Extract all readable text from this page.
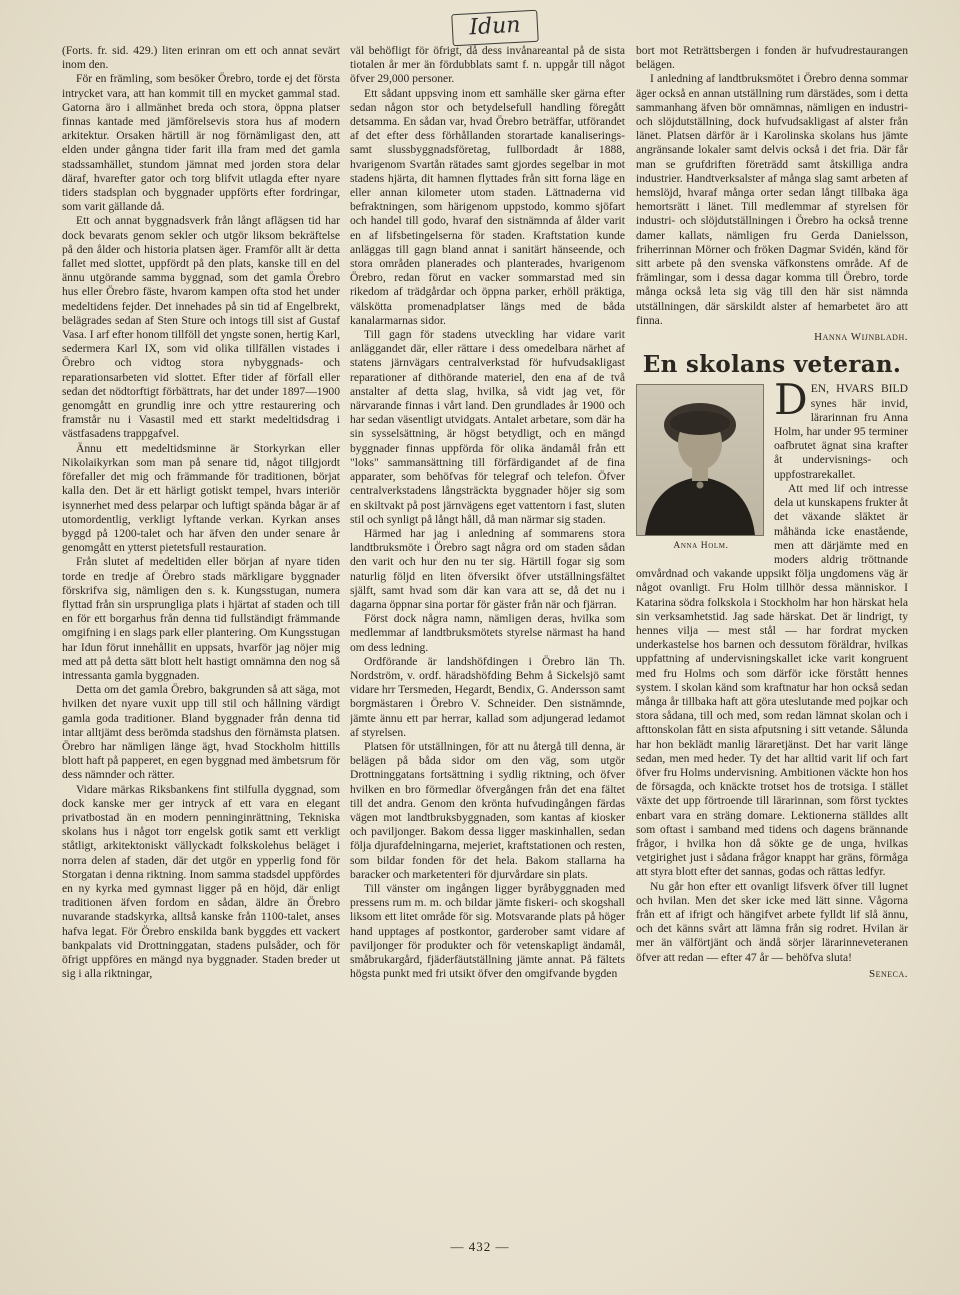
Idun

(Forts. fr. sid. 429.) liten erinran om ett och annat sevärt inom den.

För en främling, som besöker Örebro, torde ej det första intrycket vara, att han kommit till en mycket gammal stad. Gatorna äro i allmänhet breda och stora, öppna platser finnas kantade med jämförelsevis stora hus af modern arkitektur. Orsaken härtill är nog förnämligast den, att elden under gångna tider farit illa fram med det gamla stadssamhället, stundom jämnat med jorden stora delar däraf, hvarefter gator och torg blifvit utlagda efter nyare tiders stadsplan och byggnader uppförts efter fordringar, som varit gällande då.

Ett och annat byggnadsverk från långt aflägsen tid har dock bevarats genom sekler och utgör liksom bekräftelse på den ålder och historia platsen äger. Framför allt är detta fallet med slottet, uppfördt på den plats, kanske till en del ännu utgörande samma byggnad, som det gamla Örebro hus eller Örebro fäste, hvarom kampen ofta stod het under medeltidens fejder. Det innehades på sin tid af Engelbrekt, belägrades sedan af Sten Sture och intogs till sist af Gustaf Vasa. I arf efter honom tillföll det yngste sonen, hertig Karl, sedermera Karl IX, som vid olika tillfällen vistades i Örebro och vidtog stora nybyggnads- och reparationsarbeten vid slottet. Efter tider af förfall eller sedan det nödtorftigt förbättrats, har det under 1897—1900 genomgått en grundlig inre och yttre restaurering och framstår nu i Vasastil med ett starkt medeltidsdrag i västfasadens trappgafvel.

Ännu ett medeltidsminne är Storkyrkan eller Nikolaikyrkan som man på senare tid, något tillgjordt förefaller det mig och främmande för traditionen, börjat kalla den. Det är ett härligt gotiskt tempel, hvars interiör isynnerhet med dess pelarpar och luftigt spända bågar är af utomordentlig, verkligt lyftande verkan. Kyrkan anses byggd på 1200-talet och har äfven den under senare år genomgått en ytterst pietetsfull restauration.

Från slutet af medeltiden eller början af nyare tiden torde en tredje af Örebro stads märkligare byggnader förskrifva sig, nämligen den s. k. Kungsstugan, numera flyttad från sin ursprungliga plats i hjärtat af staden och till en för ett borgarhus från denna tid fullständigt främmande omgifning i en slags park eller plantering. Om Kungsstugan har Idun förut innehållit en uppsats, hvarför jag nöjer mig med att på detta sätt blott helt hastigt omnämna den nog så intressanta gamla byggnaden.

Detta om det gamla Örebro, bakgrunden så att säga, mot hvilken det nyare vuxit upp till stil och hållning värdigt gamla goda traditioner. Bland byggnader från denna tid intar alltjämt dess berömda stadshus den förnämsta platsen. Örebro har nämligen länge ägt, hvad Stockholm hittills blott haft på papperet, en egen byggnad med ämbetsrum för dess nämnder och rätter.

Vidare märkas Riksbankens fint stilfulla dyggnad, som dock kanske mer ger intryck af ett vara en elegant privatbostad än en modern penninginrättning, Tekniska skolans hus i något torr engelsk gotik samt ett verkligt ståtligt, arkitektoniskt vällyckadt folkskolehus beläget i norra delen af staden, där det utgör en ypperlig fond för Storgatan i denna riktning. Inom samma stadsdel uppfördes en ny kyrka med gymnast ligger på en höjd, där enligt traditionen äfven fordom en sådan, äldre än Örebro nuvarande stadskyrka, alltså kanske från 1100-talet, anses hafva legat. För Örebro enskilda bank byggdes ett vackert bankpalats vid Drottninggatan, stadens pulsåder, och för öfrigt uppföres en mängd nya byggnader. Staden breder ut sig i alla riktningar,

väl behöfligt för öfrigt, då dess invånareantal på de sista tiotalen år mer än fördubblats samt f. n. uppgår till något öfver 29,000 personer.

Ett sådant uppsving inom ett samhälle sker gärna efter sedan någon stor och betydelsefull handling föregått detsamma. En sådan var, hvad Örebro beträffar, utförandet af det efter dess förhållanden storartade kanaliserings- samt slussbyggnadsföretag, fullbordadt år 1888, hvarigenom Svartån rätades samt gjordes segelbar in mot stadens hjärta, dit hamnen flyttades från sitt forna läge en eller annan kilometer utom staden. Lättnaderna vid befraktningen, som härigenom uppstodo, kommo sjöfart och handel till godo, hvaraf den sistnämnda af ålder varit en af lifsbetingelserna för staden. Kraftstation kunde anläggas till gagn bland annat i sanitärt hänseende, och stora områden planerades och planterades, hvarigenom Örebro, redan förut en vacker sommarstad med sin rikedom af trädgårdar och öppna parker, erhöll präktiga, välskötta promenadplatser längs med de båda kanalarmarnas sidor.

Till gagn för stadens utveckling har vidare varit anläggandet där, eller rättare i dess omedelbara närhet af statens järnvägars centralverkstad för hufvudsakligast reparationer af dithörande materiel, den ena af de två anstalter af detta slag, hvilka, så vidt jag vet, för närvarande finnas i vårt land. Den grundlades år 1900 och har sedan väsentligt utvidgats. Antalet arbetare, som där ha sin sysselsättning, är högst betydligt, och en mängd byggnader finnas uppförda för olika ändamål från ett "loks" sammansättning till förfärdigandet af de fina apparater, som behöfvas för telegraf och telefon. Öfver centralverkstadens långsträckta byggnader höjer sig som en skiltvakt på post järnvägens eget vattentorn i fast, sluten stil och synligt på långt håll, då man närmar sig staden.

Härmed har jag i anledning af sommarens stora landtbruksmöte i Örebro sagt några ord om staden sådan den varit och hur den nu ter sig. Härtill fogar sig som naturlig följd en liten öfversikt öfver utställningsfältet själft, samt hvad som där kan vara att se, då det nu i dagarna öppnar sina portar för gäster från när och fjärran.

Först dock några namn, nämligen deras, hvilka som medlemmar af landtbruksmötets styrelse närmast ha hand om dess ledning.

Ordförande är landshöfdingen i Örebro län Th. Nordström, v. ordf. häradshöfding Behm å Sickelsjö samt vidare hrr Tersmeden, Hegardt, Bendix, G. Andersson samt borgmästaren i Örebro V. Schneider. Den sistnämnde, jämte ännu ett par herrar, kallad som adjungerad ledamot af styrelsen.

Platsen för utställningen, för att nu återgå till denna, är belägen på båda sidor om den väg, som utgör Drottninggatans fortsättning i sydlig riktning, och öfver hvilken en bro förmedlar öfvergången från det ena fältet till det andra. Genom den kröntа hufvudingången färdas vägen mot landtbruksbyggnaden, som kantas af kiosker och paviljonger. Bakom dessa ligger maskinhallen, sedan följa djurafdelningarna, mejeriet, kraftstationen och resten, som bildar fonden för det hela. Bakom stallarna ha baracker och marketenteri för djurvårdare sin plats.

Till vänster om ingången ligger byråbyggnaden med pressens rum m. m. och bildar jämte fiskeri- och skogshall liksom ett litet område för sig. Motsvarande plats på höger hand upptages af postkontor, garderober samt vidare af paviljonger för produkter och för vetenskapligt ändamål, småbrukargård, fjäderfäutställning jämte annat. På fältets högsta punkt med fri utsikt öfver den omgifvande bygden

bort mot Reträttsbergen i fonden är hufvudrestaurangen belägen.

I anledning af landtbruksmötet i Örebro denna sommar äger också en annan utställning rum därstädes, som i detta sammanhang äfven bör omnämnas, nämligen en industri- och slöjdutställning, dock hufvudsakligast af alster från länet. Platsen därför är i Karolinska skolans hus jämte angränsande lokaler samt delvis också i det fria. Där får man se grufdriften företrädd samt åtskilliga andra industrier. Handtverksalster af många slag samt arbeten af hemslöjd, hvaraf många orter sedan långt tillbaka äga hemortsrätt i länet. Till medlemmar af styrelsen för industri- och slöjdutställningen i Örebro ha också trenne damer kallats, nämligen fru Gerda Danielsson, friherrinnan Mörner och fröken Dagmar Svidén, känd för sitt arbete på den svenska väfkonstens område. Af de främlingar, som i dessa dagar komma till Örebro, torde många också leta sig väg till den här sist nämnda utställningen, där särskildt alster af hemarbetet äro att finna.

Hanna Wijnbladh.
En skolans veteran.
Anna Holm.
D EN, HVARS BILD synes här invid, lärarinnan fru Anna Holm, har under 95 terminer oafbrutet ägnat sina krafter åt undervisnings- och uppfostrarekallet.

Att med lif och intresse dela ut kunskapens frukter åt det växande släktet är måhända icke enastående, men att därjämte med en moders aldrig tröttnande omvårdnad och vakande uppsikt följa ungdomens väg är något ovanligt. Fru Holm tillhör dessa människor. I Katarina södra folkskola i Stockholm har hon härskat hela sin verksamhetstid. Jag sade härskat. Det är lindrigt, ty hennes vilja — mest stål — har fordrat mycken underkastelse hos barnen och dessutom föräldrar, hvilkas uppfattning af undervisningskallet icke varit kongruent med fru Holms och som därför icke förstått hennes system. I skolan känd som kraftnatur har hon också sedan många år tillbaka haft att göra uteslutande med pojkar och stora sådana, till och med, som redan lämnat skolan och i afttonskolan fått en sista afputsning i sitt vetande. Sålunda har hon beklädt manlig läraretjänst. Det har varit länge sedan, men med heder. Ty det har alltid varit lif och fart öfver fru Holms undervisning. Ambitionen väckte hon hos de försagda, och knäckte trotset hos de trotsiga. I stället växte det upp förtroende till lärarinnan, som först tycktes enbart vara en sträng domare. Lektionerna ställdes allt som oftast i samband med tidens och dagens brännande frågor, i hvilka hon då sökte ge de unga, hvilkas vetgirighet just i sådana frågor knappt har gräns, förmåga att styra blott efter det sannas, godas och rättas ledfyr.

Nu går hon efter ett ovanligt lifsverk öfver till lugnet och hvilan. Men det sker icke med lätt sinne. Vågorna från ett af ifrigt och hängifvet arbete fylldt lif slå ännu, och det känns svårt att lämna från sig rodret. Hvilan är mer än välförtjänt och ändå sörjer lärarinneveteranen öfver att redan — efter 47 år — behöfva sluta!

Seneca.
— 432 —
